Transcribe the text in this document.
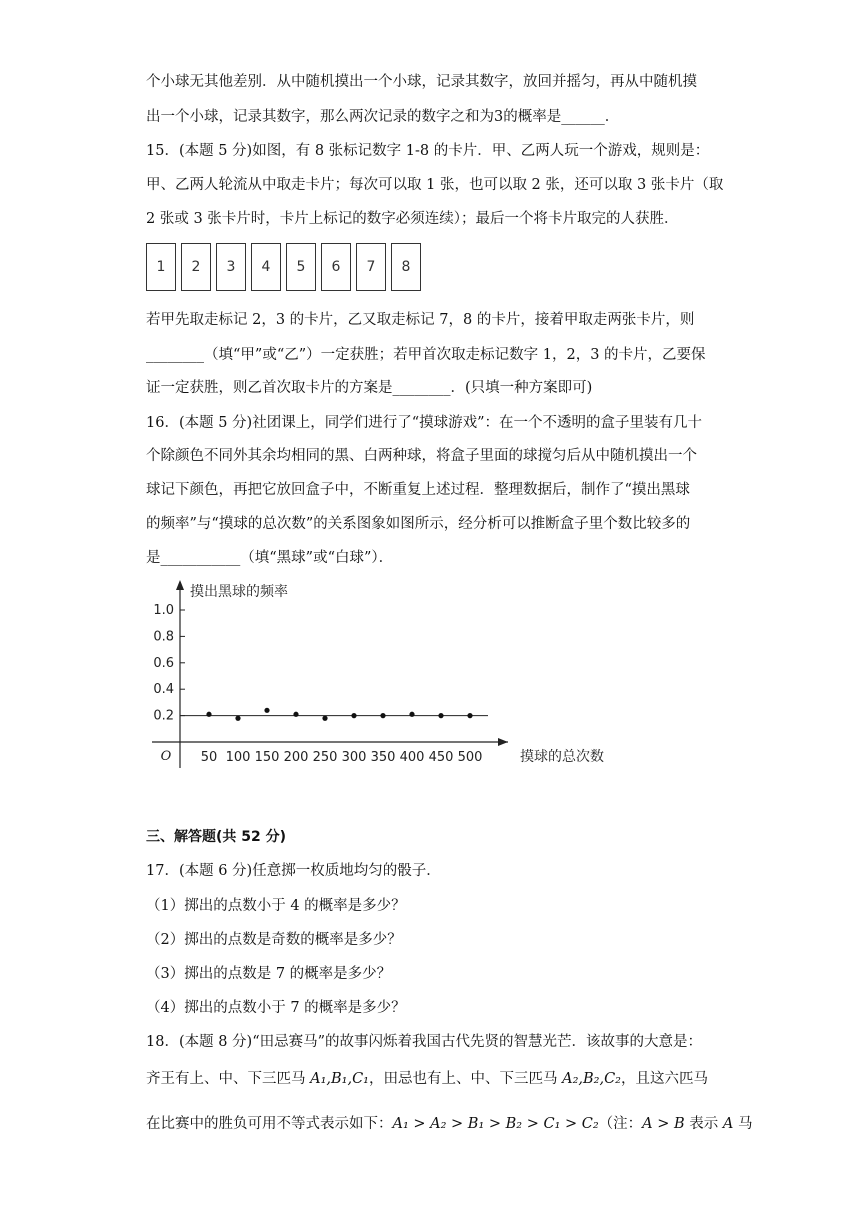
个小球无其他差别．从中随机摸出一个小球，记录其数字，放回并摇匀，再从中随机摸
出一个小球，记录其数字，那么两次记录的数字之和为3的概率是______．
15．(本题 5 分)如图，有 8 张标记数字 1-8 的卡片．甲、乙两人玩一个游戏，规则是：
甲、乙两人轮流从中取走卡片；每次可以取 1 张，也可以取 2 张，还可以取 3 张卡片（取
2 张或 3 张卡片时，卡片上标记的数字必须连续）；最后一个将卡片取完的人获胜．
1	2	3	4	5	6	7	8
若甲先取走标记 2，3 的卡片，乙又取走标记 7，8 的卡片，接着甲取走两张卡片，则
________（填“甲”或“乙”）一定获胜；若甲首次取走标记数字 1，2，3 的卡片，乙要保
证一定获胜，则乙首次取卡片的方案是________．(只填一种方案即可)
16．(本题 5 分)社团课上，同学们进行了“摸球游戏”：在一个不透明的盒子里装有几十
个除颜色不同外其余均相同的黑、白两种球，将盒子里面的球搅匀后从中随机摸出一个
球记下颜色，再把它放回盒子中，不断重复上述过程．整理数据后，制作了“摸出黑球
的频率”与“摸球的总次数”的关系图象如图所示，经分析可以推断盒子里个数比较多的
是___________（填“黑球”或“白球”）．
摸出黑球的频率
摸球的总次数
O
0.2
0.4
0.6
0.8
1.0
50 100 150 200 250 300 350 400 450 500
三、解答题(共 52 分)
17．(本题 6 分)任意掷一枚质地均匀的骰子．
（1）掷出的点数小于 4 的概率是多少？
（2）掷出的点数是奇数的概率是多少？
（3）掷出的点数是 7 的概率是多少？
（4）掷出的点数小于 7 的概率是多少？
18．(本题 8 分)“田忌赛马”的故事闪烁着我国古代先贤的智慧光芒．该故事的大意是：
齐王有上、中、下三匹马 A₁,B₁,C₁，田忌也有上、中、下三匹马 A₂,B₂,C₂，且这六匹马
在比赛中的胜负可用不等式表示如下：A₁ > A₂ > B₁ > B₂ > C₁ > C₂（注：A > B 表示 A 马
